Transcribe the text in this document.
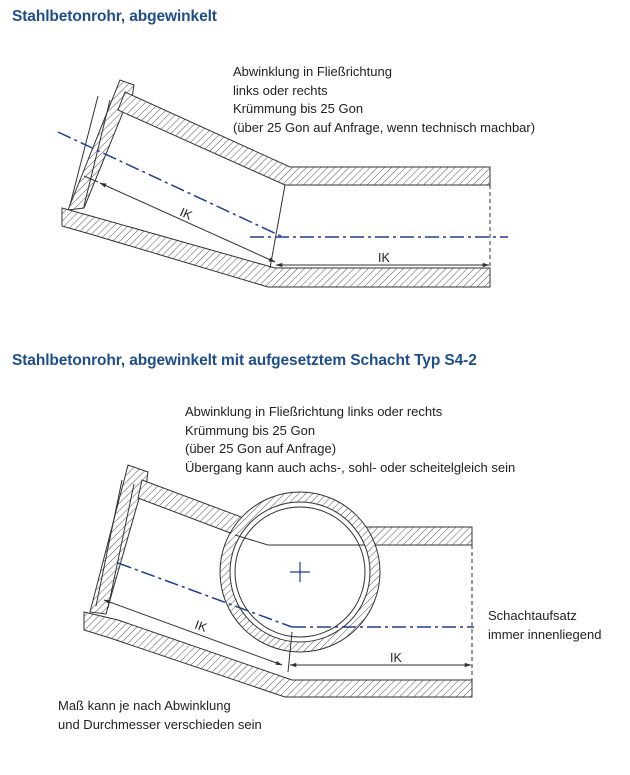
Stahlbetonrohr, abgewinkelt
Abwinklung in Fließrichtung
links oder rechts
Krümmung bis 25 Gon
(über 25 Gon auf Anfrage, wenn technisch machbar)
Stahlbetonrohr, abgewinkelt mit aufgesetztem Schacht Typ S4-2
Abwinklung in Fließrichtung links oder rechts
Krümmung bis 25 Gon
(über 25 Gon auf Anfrage)
Übergang kann auch achs-, sohl- oder scheitelgleich sein
Schachtaufsatz
immer innenliegend
Maß kann je nach Abwinklung
und Durchmesser verschieden sein
IK
IK
IK
IK
